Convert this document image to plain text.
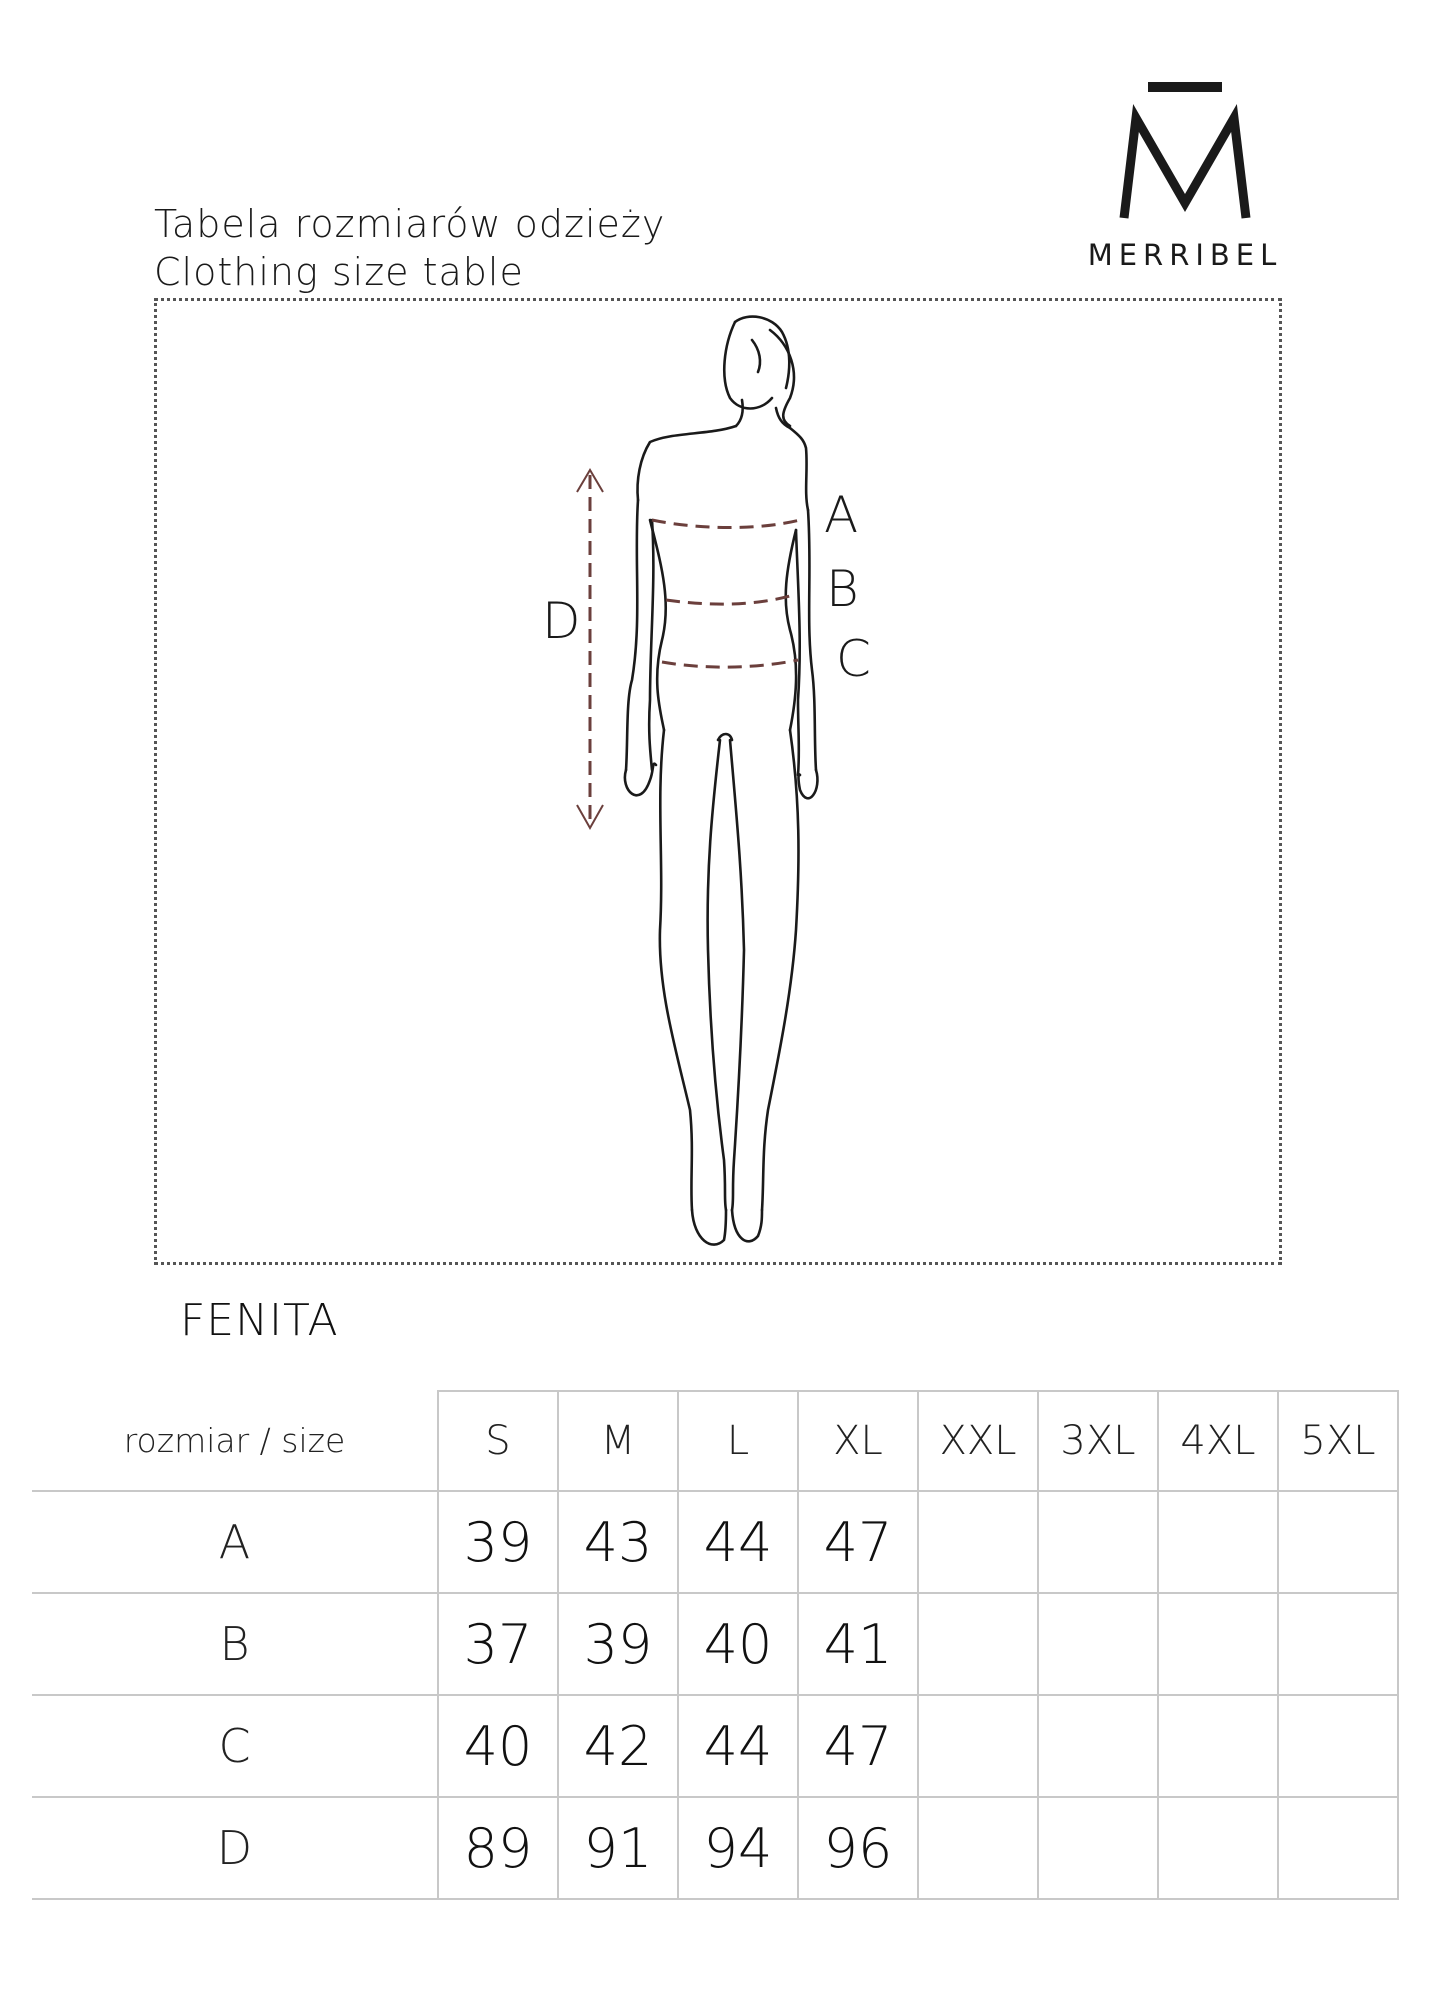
Tabela rozmiarów odzieży
Clothing size table	MERRIBEL
A
B
C
D
FENITA
rozmiar / size	S	M	L	XL	XXL	3XL	4XL	5XL
A	39	43	44	47				
B	37	39	40	41				
C	40	42	44	47				
D	89	91	94	96				
